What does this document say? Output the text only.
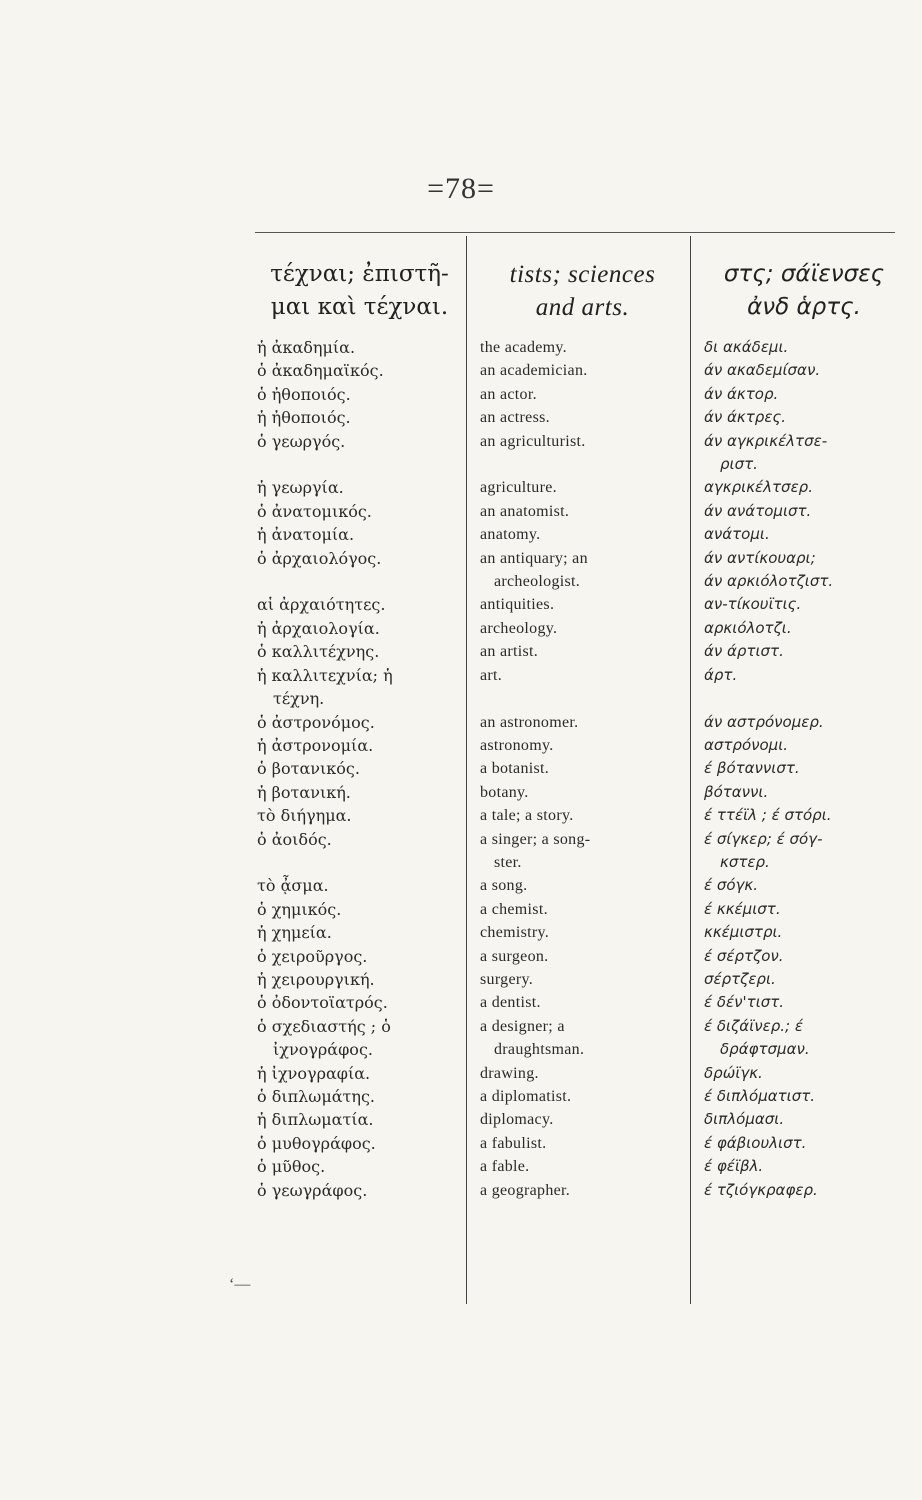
=78=
τέχναι; ἐπιστῆ-
μαι καὶ τέχναι.
ἡ ἀκαδημία.
ὁ ἀκαδημαϊκός.
ὁ ἠθοποιός.
ἡ ἠθοποιός.
ὁ γεωργός.

ἡ γεωργία.
ὁ ἀνατομικός.
ἡ ἀνατομία.
ὁ ἀρχαιολόγος.

αἱ ἀρχαιότητες.
ἡ ἀρχαιολογία.
ὁ καλλιτέχνης.
ἡ καλλιτεχνία; ἡ
τέχνη.
ὁ ἀστρονόμος.
ἡ ἀστρονομία.
ὁ βοτανικός.
ἡ βοτανική.
τὸ διήγημα.
ὁ ἀοιδός.

τὸ ᾆσμα.
ὁ χημικός.
ἡ χημεία.
ὁ χειροῦργος.
ἡ χειρουργική.
ὁ ὀδοντοϊατρός.
ὁ σχεδιαστής ; ὁ
ἰχνογράφος.
ἡ ἰχνογραφία.
ὁ διπλωμάτης.
ἡ διπλωματία.
ὁ μυθογράφος.
ὁ μῦθος.
ὁ γεωγράφος.
tists; sciences
and arts.
the academy.
an academician.
an actor.
an actress.
an agriculturist.

agriculture.
an anatomist.
anatomy.
an antiquary; an
archeologist.
antiquities.
archeology.
an artist.
art.

an astronomer.
astronomy.
a botanist.
botany.
a tale; a story.
a singer; a song-
ster.
a song.
a chemist.
chemistry.
a surgeon.
surgery.
a dentist.
a designer; a
draughtsman.
drawing.
a diplomatist.
diplomacy.
a fabulist.
a fable.
a geographer.
στς; σάϊενσες
ἀνδ ἁρτς.
δι ακάδεμι.
άν ακαδεμίσαν.
άν άκτορ.
άν άκτρες.
άν αγκρικέλτσε-
ριστ.
αγκρικέλτσερ.
άν ανάτομιστ.
ανάτομι.
άν αντίκουαρι;
άν αρκιόλοτζιστ.
αν-τίκουϊτις.
αρκιόλοτζι.
άν άρτιστ.
άρτ.

άν αστρόνομερ.
αστρόνομι.
έ βόταννιστ.
βόταννι.
έ ττέϊλ ; έ στόρι.
έ σίγκερ; έ σόγ-
κστερ.
έ σόγκ.
έ κκέμιστ.
κκέμιστρι.
έ σέρτζον.
σέρτζερι.
έ δέν'τιστ.
έ διζάϊνερ.; έ
δράφτσμαν.
δρώϊγκ.
έ διπλόματιστ.
διπλόμασι.
έ φάβιουλιστ.
έ φέϊβλ.
έ τζιόγκραφερ.
‘—
